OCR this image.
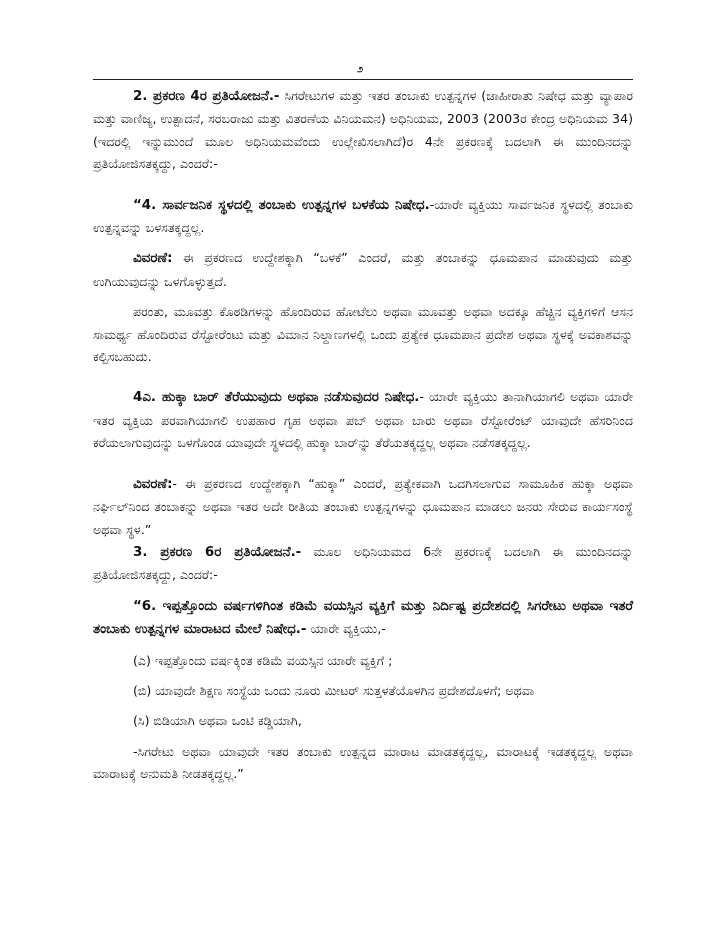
೨

2. ಪ್ರಕರಣ 4ರ ಪ್ರತಿಯೋಜನೆ.- ಸಿಗರೇಟುಗಳ ಮತ್ತು ಇತರ ತಂಬಾಕು ಉತ್ಪನ್ನಗಳ (ಜಾಹೀರಾತು ನಿಷೇಧ ಮತ್ತು ವ್ಯಾಪಾರ ಮತ್ತು ವಾಣಿಜ್ಯ, ಉತ್ಪಾದನೆ, ಸರಬರಾಜು ಮತ್ತು ವಿತರಣೆಯ ವಿನಿಯಮನ) ಅಧಿನಿಯಮ, 2003 (2003ರ ಕೇಂದ್ರ ಅಧಿನಿಯಮ 34) (ಇದರಲ್ಲಿ ಇನ್ನುಮುಂದೆ ಮೂಲ ಅಧಿನಿಯಮವೆಂದು ಉಲ್ಲೇಖಿಸಲಾಗಿದೆ)ರ 4ನೇ ಪ್ರಕರಣಕ್ಕೆ ಬದಲಾಗಿ ಈ ಮುಂದಿನದನ್ನು ಪ್ರತಿಯೋಜಿಸತಕ್ಕದ್ದು, ಎಂದರೆ:-

“4. ಸಾರ್ವಜನಿಕ ಸ್ಥಳದಲ್ಲಿ ತಂಬಾಕು ಉತ್ಪನ್ನಗಳ ಬಳಕೆಯ ನಿಷೇಧ.-ಯಾರೇ ವ್ಯಕ್ತಿಯು ಸಾರ್ವಜನಿಕ ಸ್ಥಳದಲ್ಲಿ ತಂಬಾಕು ಉತ್ಪನ್ನವನ್ನು ಬಳಸತಕ್ಕದ್ದಲ್ಲ.

ವಿವರಣೆ: ಈ ಪ್ರಕರಣದ ಉದ್ದೇಶಕ್ಕಾಗಿ “ಬಳಕೆ” ಎಂದರೆ, ಮತ್ತು ತಂಬಾಕನ್ನು ಧೂಮಪಾನ ಮಾಡುವುದು ಮತ್ತು ಉಗಿಯುವುದನ್ನು ಒಳಗೊಳ್ಳುತ್ತದೆ.

ಪರಂತು, ಮೂವತ್ತು ಕೊಠಡಿಗಳನ್ನು ಹೊಂದಿರುವ ಹೋಟೆಲು ಅಥವಾ ಮೂವತ್ತು ಅಥವಾ ಅದಕ್ಕೂ ಹೆಚ್ಚಿನ ವ್ಯಕ್ತಿಗಳಿಗೆ ಆಸನ ಸಾಮರ್ಥ್ಯ ಹೊಂದಿರುವ ರೆಸ್ಟೋರೆಂಟು ಮತ್ತು ವಿಮಾನ ನಿಲ್ದಾಣಗಳಲ್ಲಿ ಒಂದು ಪ್ರತ್ಯೇಕ ಧೂಮಪಾನ ಪ್ರದೇಶ ಅಥವಾ ಸ್ಥಳಕ್ಕೆ ಅವಕಾಶವನ್ನು ಕಲ್ಪಿಸಬಹುದು.

4ಎ. ಹುಕ್ಕಾ ಬಾರ್ ತೆರೆಯುವುದು ಅಥವಾ ನಡೆಸುವುದರ ನಿಷೇಧ.- ಯಾರೇ ವ್ಯಕ್ತಿಯು ತಾನಾಗಿಯಾಗಲಿ ಅಥವಾ ಯಾರೇ ಇತರ ವ್ಯಕ್ತಿಯ ಪರವಾಗಿಯಾಗಲಿ ಉಪಹಾರ ಗೃಹ ಅಥವಾ ಪಬ್ ಅಥವಾ ಬಾರು ಅಥವಾ ರೆಸ್ಟೋರೆಂಟ್ ಯಾವುದೇ ಹೆಸರಿನಿಂದ ಕರೆಯಲಾಗುವುದನ್ನು ಒಳಗೊಂಡ ಯಾವುದೇ ಸ್ಥಳದಲ್ಲಿ ಹುಕ್ಕಾ ಬಾರ್‌ನ್ನು ತೆರೆಯತಕ್ಕದ್ದಲ್ಲ ಅಥವಾ ನಡೆಸತಕ್ಕದ್ದಲ್ಲ.

ವಿವರಣೆ:- ಈ ಪ್ರಕರಣದ ಉದ್ದೇಶಕ್ಕಾಗಿ “ಹುಕ್ಕಾ” ಎಂದರೆ, ಪ್ರತ್ಯೇಕವಾಗಿ ಒದಗಿಸಲಾಗುವ ಸಾಮೂಹಿಕ ಹುಕ್ಕಾ ಅಥವಾ ನರ್ಘಿಲ್‌ನಿಂದ ತಂಬಾಕನ್ನು ಅಥವಾ ಇತರ ಅದೇ ರೀತಿಯ ತಂಬಾಕು ಉತ್ಪನ್ನಗಳನ್ನು ಧೂಮಪಾನ ಮಾಡಲು ಜನರು ಸೇರುವ ಕಾರ್ಯಸಂಸ್ಥೆ ಅಥವಾ ಸ್ಥಳ.”

3. ಪ್ರಕರಣ 6ರ ಪ್ರತಿಯೋಜನೆ.- ಮೂಲ ಅಧಿನಿಯಮದ 6ನೇ ಪ್ರಕರಣಕ್ಕೆ ಬದಲಾಗಿ ಈ ಮುಂದಿನದನ್ನು ಪ್ರತಿಯೋಜಿಸತಕ್ಕದ್ದು, ಎಂದರೆ:-

“6. ಇಪ್ಪತ್ತೊಂದು ವರ್ಷಗಳಿಗಿಂತ ಕಡಿಮೆ ವಯಸ್ಸಿನ ವ್ಯಕ್ತಿಗೆ ಮತ್ತು ನಿರ್ದಿಷ್ಟ ಪ್ರದೇಶದಲ್ಲಿ ಸಿಗರೇಟು ಅಥವಾ ಇತರೆ ತಂಬಾಕು ಉತ್ಪನ್ನಗಳ ಮಾರಾಟದ ಮೇಲೆ ನಿಷೇಧ.- ಯಾರೇ ವ್ಯಕ್ತಿಯು,-

(ಎ) ಇಪ್ಪತ್ತೊಂದು ವರ್ಷಕ್ಕಿಂತ ಕಡಿಮೆ ವಯಸ್ಸಿನ ಯಾರೇ ವ್ಯಕ್ತಿಗೆ ;

(ಬಿ) ಯಾವುದೇ ಶಿಕ್ಷಣ ಸಂಸ್ಥೆಯ ಒಂದು ನೂರು ಮೀಟರ್ ಸುತ್ತಳತೆಯೊಳಗಿನ ಪ್ರದೇಶದೊಳಗೆ; ಅಥವಾ

(ಸಿ) ಬಿಡಿಯಾಗಿ ಅಥವಾ ಒಂಟಿ ಕಡ್ಡಿಯಾಗಿ,

-ಸಿಗರೇಟು ಅಥವಾ ಯಾವುದೇ ಇತರ ತಂಬಾಕು ಉತ್ಪನ್ನದ ಮಾರಾಟ ಮಾಡತಕ್ಕದ್ದಲ್ಲ, ಮಾರಾಟಕ್ಕೆ ಇಡತಕ್ಕದ್ದಲ್ಲ ಅಥವಾ ಮಾರಾಟಕ್ಕೆ ಅನುಮತಿ ನೀಡತಕ್ಕದ್ದಲ್ಲ.”
